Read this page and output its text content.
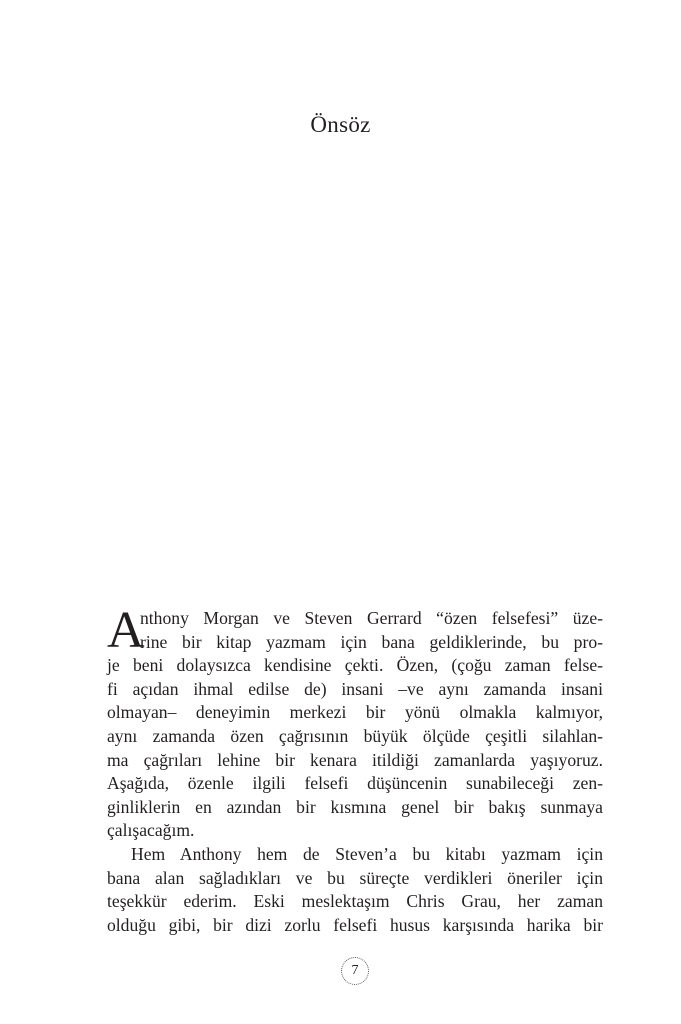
Önsöz
A
nthony Morgan ve Steven Gerrard “özen felsefesi” üze-
rine bir kitap yazmam için bana geldiklerinde, bu pro-
je beni dolaysızca kendisine çekti. Özen, (çoğu zaman felse-
fi açıdan ihmal edilse de) insani –ve aynı zamanda insani
olmayan– deneyimin merkezi bir yönü olmakla kalmıyor,
aynı zamanda özen çağrısının büyük ölçüde çeşitli silahlan-
ma çağrıları lehine bir kenara itildiği zamanlarda yaşıyoruz.
Aşağıda, özenle ilgili felsefi düşüncenin sunabileceği zen-
ginliklerin en azından bir kısmına genel bir bakış sunmaya
çalışacağım.
Hem Anthony hem de Steven’a bu kitabı yazmam için
bana alan sağladıkları ve bu süreçte verdikleri öneriler için
teşekkür ederim. Eski meslektaşım Chris Grau, her zaman
olduğu gibi, bir dizi zorlu felsefi husus karşısında harika bir
7
